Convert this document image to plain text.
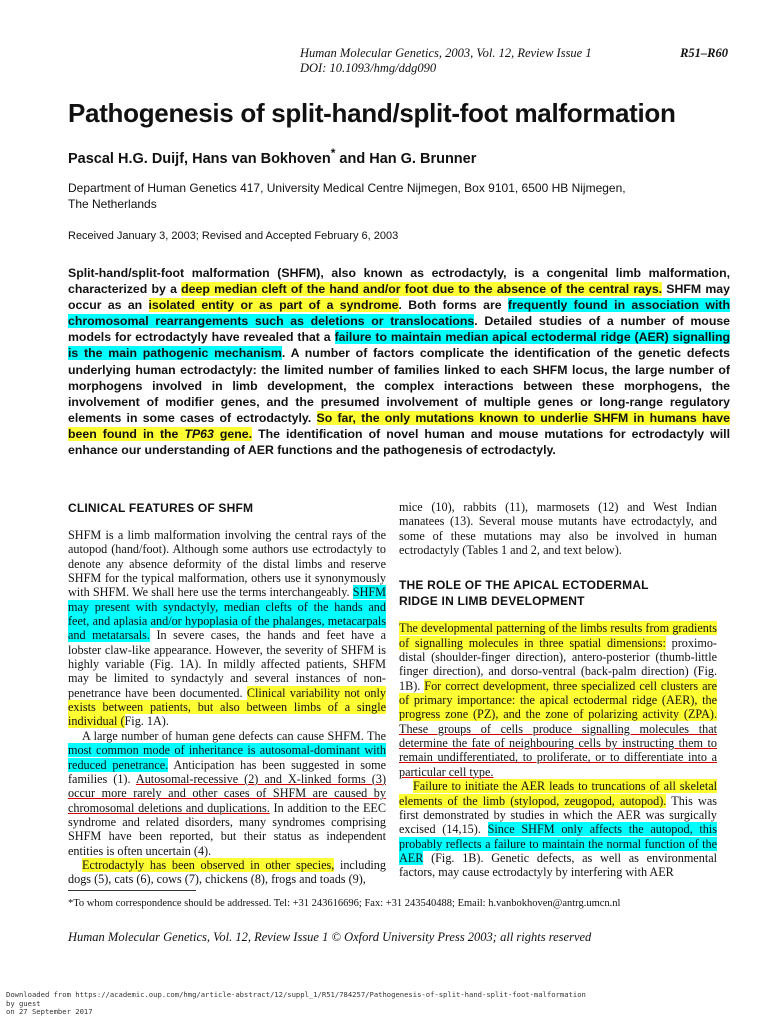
Human Molecular Genetics, 2003, Vol. 12, Review Issue 1
DOI: 10.1093/hmg/ddg090
R51–R60
Pathogenesis of split-hand/split-foot malformation
Pascal H.G. Duijf, Hans van Bokhoven* and Han G. Brunner
Department of Human Genetics 417, University Medical Centre Nijmegen, Box 9101, 6500 HB Nijmegen,
The Netherlands
Received January 3, 2003; Revised and Accepted February 6, 2003
Split-hand/split-foot malformation (SHFM), also known as ectrodactyly, is a congenital limb malformation, characterized by a deep median cleft of the hand and/or foot due to the absence of the central rays. SHFM may occur as an isolated entity or as part of a syndrome. Both forms are frequently found in association with chromosomal rearrangements such as deletions or translocations. Detailed studies of a number of mouse models for ectrodactyly have revealed that a failure to maintain median apical ectodermal ridge (AER) signalling is the main pathogenic mechanism. A number of factors complicate the identification of the genetic defects underlying human ectrodactyly: the limited number of families linked to each SHFM locus, the large number of morphogens involved in limb development, the complex interactions between these morphogens, the involvement of modifier genes, and the presumed involvement of multiple genes or long-range regulatory elements in some cases of ectrodactyly. So far, the only mutations known to underlie SHFM in humans have been found in the TP63 gene. The identification of novel human and mouse mutations for ectrodactyly will enhance our understanding of AER functions and the pathogenesis of ectrodactyly.
CLINICAL FEATURES OF SHFM

SHFM is a limb malformation involving the central rays of the autopod (hand/foot). Although some authors use ectrodactyly to denote any absence deformity of the distal limbs and reserve SHFM for the typical malformation, others use it synonymously with SHFM. We shall here use the terms interchangeably. SHFM may present with syndactyly, median clefts of the hands and feet, and aplasia and/or hypoplasia of the phalanges, metacarpals and metatarsals. In severe cases, the hands and feet have a lobster claw-like appearance. However, the severity of SHFM is highly variable (Fig. 1A). In mildly affected patients, SHFM may be limited to syndactyly and several instances of non-penetrance have been documented. Clinical variability not only exists between patients, but also between limbs of a single individual (Fig. 1A).

A large number of human gene defects can cause SHFM. The most common mode of inheritance is autosomal-dominant with reduced penetrance. Anticipation has been suggested in some families (1). Autosomal-recessive (2) and X-linked forms (3) occur more rarely and other cases of SHFM are caused by chromosomal deletions and duplications. In addition to the EEC syndrome and related disorders, many syndromes comprising SHFM have been reported, but their status as independent entities is often uncertain (4).

Ectrodactyly has been observed in other species, including dogs (5), cats (6), cows (7), chickens (8), frogs and toads (9),

mice (10), rabbits (11), marmosets (12) and West Indian manatees (13). Several mouse mutants have ectrodactyly, and some of these mutations may also be involved in human ectrodactyly (Tables 1 and 2, and text below).

THE ROLE OF THE APICAL ECTODERMAL
RIDGE IN LIMB DEVELOPMENT

The developmental patterning of the limbs results from gradients of signalling molecules in three spatial dimensions: proximo-distal (shoulder-finger direction), antero-posterior (thumb-little finger direction), and dorso-ventral (back-palm direction) (Fig. 1B). For correct development, three specialized cell clusters are of primary importance: the apical ectodermal ridge (AER), the progress zone (PZ), and the zone of polarizing activity (ZPA). These groups of cells produce signalling molecules that determine the fate of neighbouring cells by instructing them to remain undifferentiated, to proliferate, or to differentiate into a particular cell type.

Failure to initiate the AER leads to truncations of all skeletal elements of the limb (stylopod, zeugopod, autopod). This was first demonstrated by studies in which the AER was surgically excised (14,15). Since SHFM only affects the autopod, this probably reflects a failure to maintain the normal function of the AER (Fig. 1B). Genetic defects, as well as environmental factors, may cause ectrodactyly by interfering with AER

*To whom correspondence should be addressed. Tel: +31 243616696; Fax: +31 243540488; Email: h.vanbokhoven@antrg.umcn.nl
Human Molecular Genetics, Vol. 12, Review Issue 1 © Oxford University Press 2003; all rights reserved
Downloaded from https://academic.oup.com/hmg/article-abstract/12/suppl_1/R51/784257/Pathogenesis-of-split-hand-split-foot-malformation
by guest
on 27 September 2017
